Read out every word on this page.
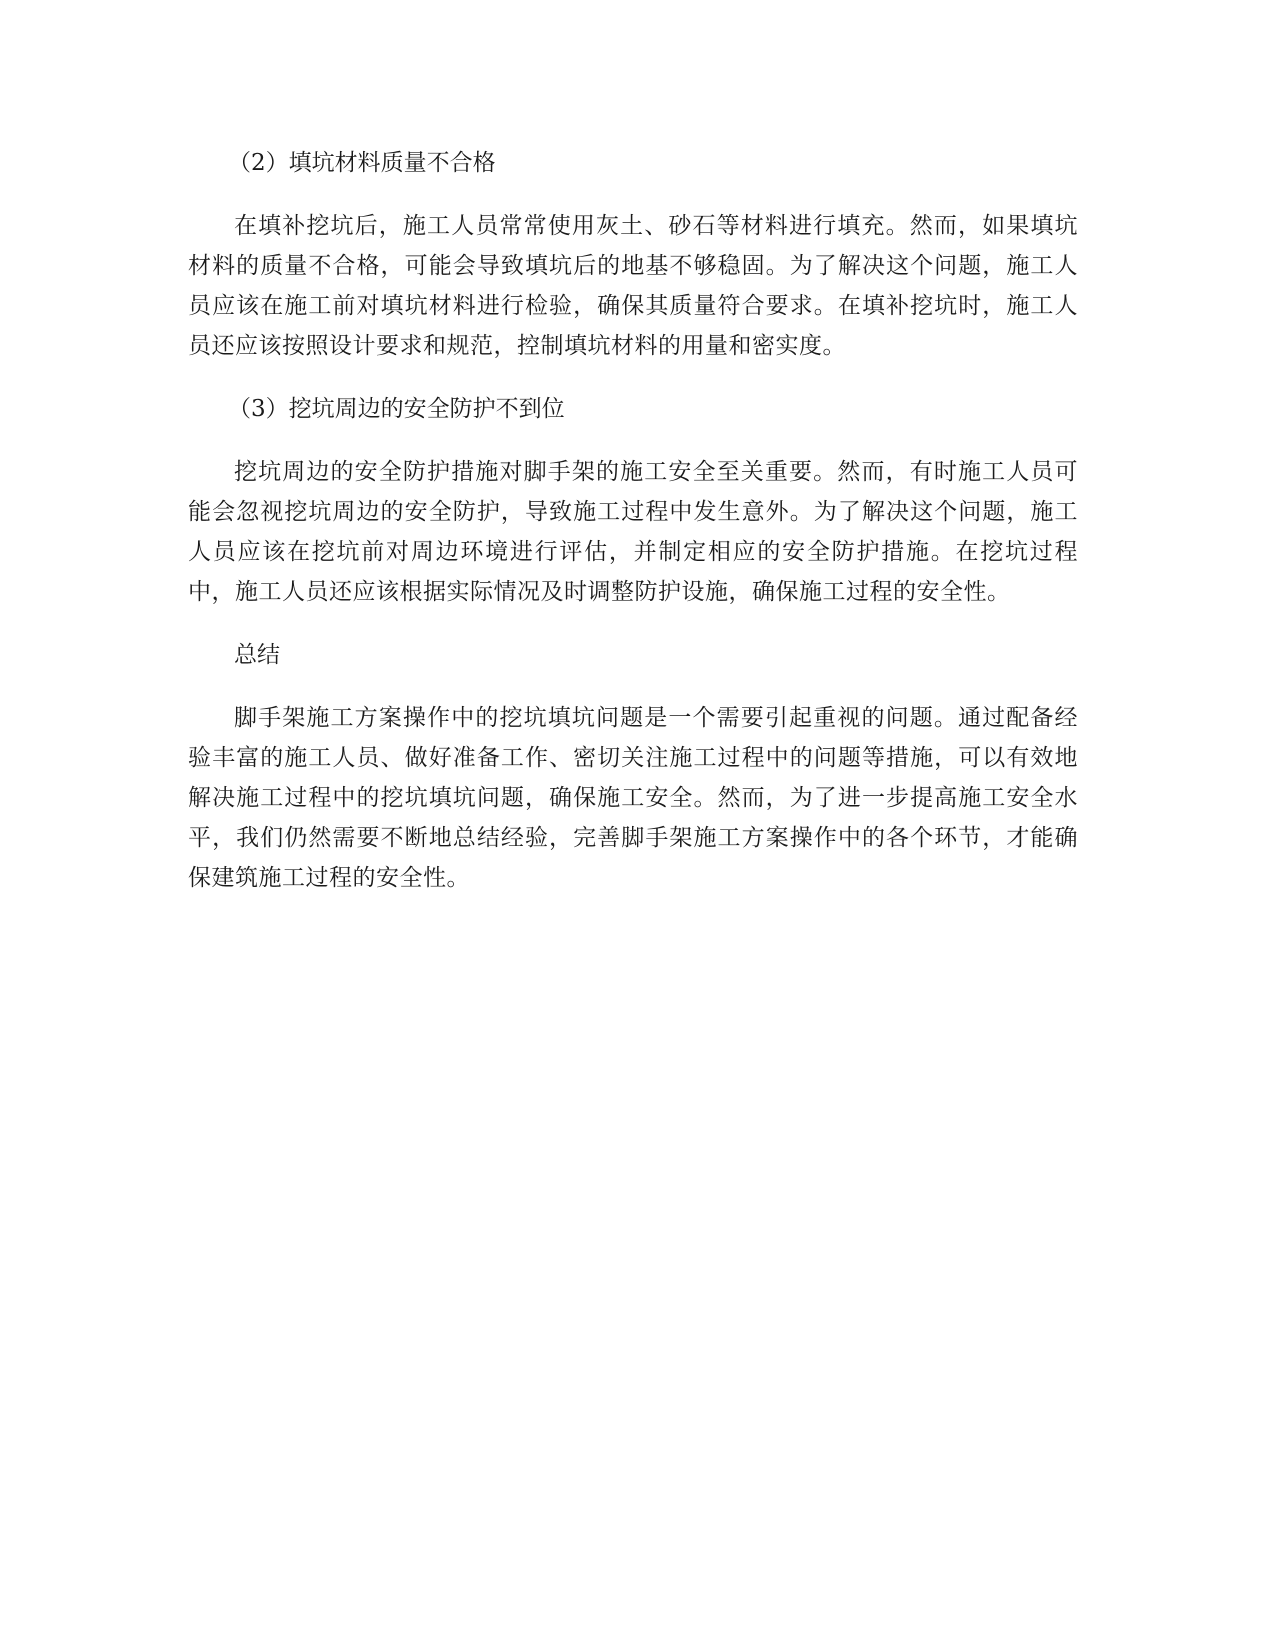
（2）填坑材料质量不合格

在填补挖坑后，施工人员常常使用灰土、砂石等材料进行填充。然而，如果填坑材料的质量不合格，可能会导致填坑后的地基不够稳固。为了解决这个问题，施工人员应该在施工前对填坑材料进行检验，确保其质量符合要求。在填补挖坑时，施工人员还应该按照设计要求和规范，控制填坑材料的用量和密实度。

（3）挖坑周边的安全防护不到位

挖坑周边的安全防护措施对脚手架的施工安全至关重要。然而，有时施工人员可能会忽视挖坑周边的安全防护，导致施工过程中发生意外。为了解决这个问题，施工人员应该在挖坑前对周边环境进行评估，并制定相应的安全防护措施。在挖坑过程中，施工人员还应该根据实际情况及时调整防护设施，确保施工过程的安全性。

总结

脚手架施工方案操作中的挖坑填坑问题是一个需要引起重视的问题。通过配备经验丰富的施工人员、做好准备工作、密切关注施工过程中的问题等措施，可以有效地解决施工过程中的挖坑填坑问题，确保施工安全。然而，为了进一步提高施工安全水平，我们仍然需要不断地总结经验，完善脚手架施工方案操作中的各个环节，才能确保建筑施工过程的安全性。
